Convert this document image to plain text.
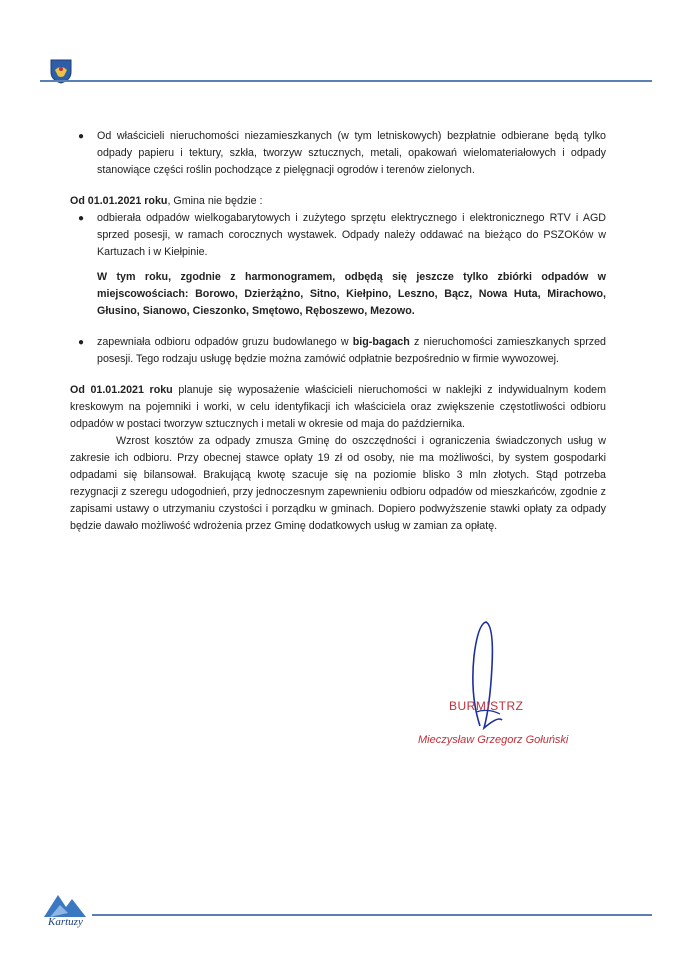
● Od właścicieli nieruchomości niezamieszkanych (w tym letniskowych) bezpłatnie odbierane będą tylko odpady papieru i tektury, szkła, tworzyw sztucznych, metali, opakowań wielomateriałowych i odpady stanowiące części roślin pochodzące z pielęgnacji ogrodów i terenów zielonych.
Od 01.01.2021 roku, Gmina nie będzie :
● odbierała odpadów wielkogabarytowych i zużytego sprzętu elektrycznego i elektronicznego RTV i AGD sprzed posesji, w ramach corocznych wystawek. Odpady należy oddawać na bieżąco do PSZOKów w Kartuzach i w Kiełpinie.
W tym roku, zgodnie z harmonogramem, odbędą się jeszcze tylko zbiórki odpadów w miejscowościach: Borowo, Dzierżążno, Sitno, Kiełpino, Leszno, Bącz, Nowa Huta, Mirachowo, Głusino, Sianowo, Cieszonko, Smętowo, Ręboszewo, Mezowo.
● zapewniała odbioru odpadów gruzu budowlanego w big-bagach z nieruchomości zamieszkanych sprzed posesji. Tego rodzaju usługę będzie można zamówić odpłatnie bezpośrednio w firmie wywozowej.
Od 01.01.2021 roku planuje się wyposażenie właścicieli nieruchomości w naklejki z indywidualnym kodem kreskowym na pojemniki i worki, w celu identyfikacji ich właściciela oraz zwiększenie częstotliwości odbioru odpadów w postaci tworzyw sztucznych i metali w okresie od maja do października.
Wzrost kosztów za odpady zmusza Gminę do oszczędności i ograniczenia świadczonych usług w zakresie ich odbioru. Przy obecnej stawce opłaty 19 zł od osoby, nie ma możliwości, by system gospodarki odpadami się bilansował. Brakującą kwotę szacuje się na poziomie blisko 3 mln złotych. Stąd potrzeba rezygnacji z szeregu udogodnień, przy jednoczesnym zapewnieniu odbioru odpadów od mieszkańców, zgodnie z zapisami ustawy o utrzymaniu czystości i porządku w gminach. Dopiero podwyższenie stawki opłaty za odpady będzie dawało możliwość wdrożenia przez Gminę dodatkowych usług w zamian za opłatę.
BURMISTRZ
Mieczysław Grzegorz Gołuński
Kartuzy
